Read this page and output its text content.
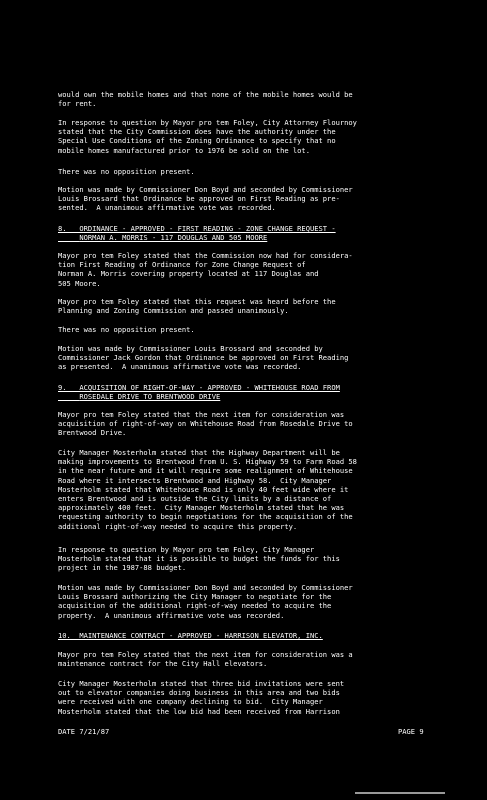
would own the mobile homes and that none of the mobile homes would be
for rent.

In response to question by Mayor pro tem Foley, City Attorney Flournoy
stated that the City Commission does have the authority under the
Special Use Conditions of the Zoning Ordinance to specify that no
mobile homes manufactured prior to 1976 be sold on the lot.

There was no opposition present.

Motion was made by Commissioner Don Boyd and seconded by Commissioner
Louis Brossard that Ordinance be approved on First Reading as pre-
sented.  A unanimous affirmative vote was recorded.

8.   ORDINANCE - APPROVED - FIRST READING - ZONE CHANGE REQUEST -
NORMAN A. MORRIS - 117 DOUGLAS AND 505 MOORE

Mayor pro tem Foley stated that the Commission now had for considera-
tion First Reading of Ordinance for Zone Change Request of
Norman A. Morris covering property located at 117 Douglas and
505 Moore.

Mayor pro tem Foley stated that this request was heard before the
Planning and Zoning Commission and passed unanimously.

There was no opposition present.

Motion was made by Commissioner Louis Brossard and seconded by
Commissioner Jack Gordon that Ordinance be approved on First Reading
as presented.  A unanimous affirmative vote was recorded.

9.   ACQUISITION OF RIGHT-OF-WAY - APPROVED - WHITEHOUSE ROAD FROM
ROSEDALE DRIVE TO BRENTWOOD DRIVE

Mayor pro tem Foley stated that the next item for consideration was
acquisition of right-of-way on Whitehouse Road from Rosedale Drive to
Brentwood Drive.

City Manager Mosterholm stated that the Highway Department will be
making improvements to Brentwood from U. S. Highway 59 to Farm Road 58
in the near future and it will require some realignment of Whitehouse
Road where it intersects Brentwood and Highway 58.  City Manager
Mosterholm stated that Whitehouse Road is only 40 feet wide where it
enters Brentwood and is outside the City limits by a distance of
approximately 400 feet.  City Manager Mosterholm stated that he was
requesting authority to begin negotiations for the acquisition of the
additional right-of-way needed to acquire this property.

In response to question by Mayor pro tem Foley, City Manager
Mosterholm stated that it is possible to budget the funds for this
project in the 1987-88 budget.

Motion was made by Commissioner Don Boyd and seconded by Commissioner
Louis Brossard authorizing the City Manager to negotiate for the
acquisition of the additional right-of-way needed to acquire the
property.  A unanimous affirmative vote was recorded.

10.  MAINTENANCE CONTRACT - APPROVED - HARRISON ELEVATOR, INC.

Mayor pro tem Foley stated that the next item for consideration was a
maintenance contract for the City Hall elevators.

City Manager Mosterholm stated that three bid invitations were sent
out to elevator companies doing business in this area and two bids
were received with one company declining to bid.  City Manager
Mosterholm stated that the low bid had been received from Harrison

DATE 7/21/87	PAGE 9
